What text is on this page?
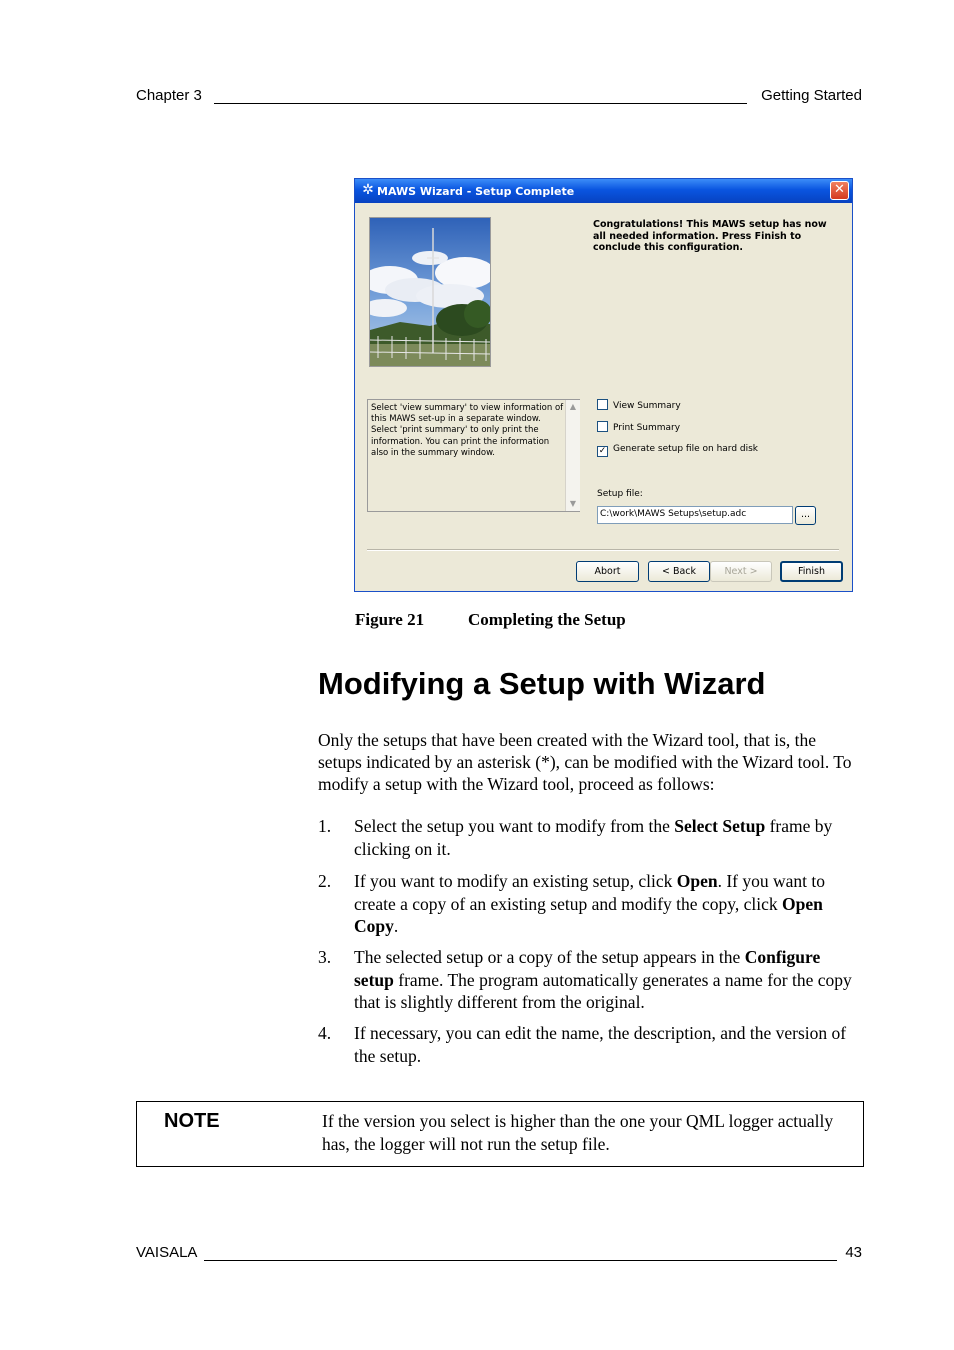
Chapter 3	Getting Started
✲ MAWS Wizard - Setup Complete	✕
Congratulations! This MAWS setup has now all needed information. Press Finish to conclude this configuration.
Select 'view summary' to view information of this MAWS set-up in a separate window.
Select 'print summary' to only print the information. You can print the information also in the summary window.
▲
▼
View Summary
Print Summary
✓ Generate setup file on hard disk
Setup file:
C:\work\MAWS Setups\setup.adc	...
Abort	< Back	Next >	Finish
Figure 21	Completing the Setup
Modifying a Setup with Wizard
Only the setups that have been created with the Wizard tool, that is, the setups indicated by an asterisk (*), can be modified with the Wizard tool. To modify a setup with the Wizard tool, proceed as follows:
1. Select the setup you want to modify from the Select Setup frame by clicking on it.
2. If you want to modify an existing setup, click Open. If you want to create a copy of an existing setup and modify the copy, click Open Copy.
3. The selected setup or a copy of the setup appears in the Configure setup frame. The program automatically generates a name for the copy that is slightly different from the original.
4. If necessary, you can edit the name, the description, and the version of the setup.
NOTE	If the version you select is higher than the one your QML logger actually has, the logger will not run the setup file.
VAISALA	43
